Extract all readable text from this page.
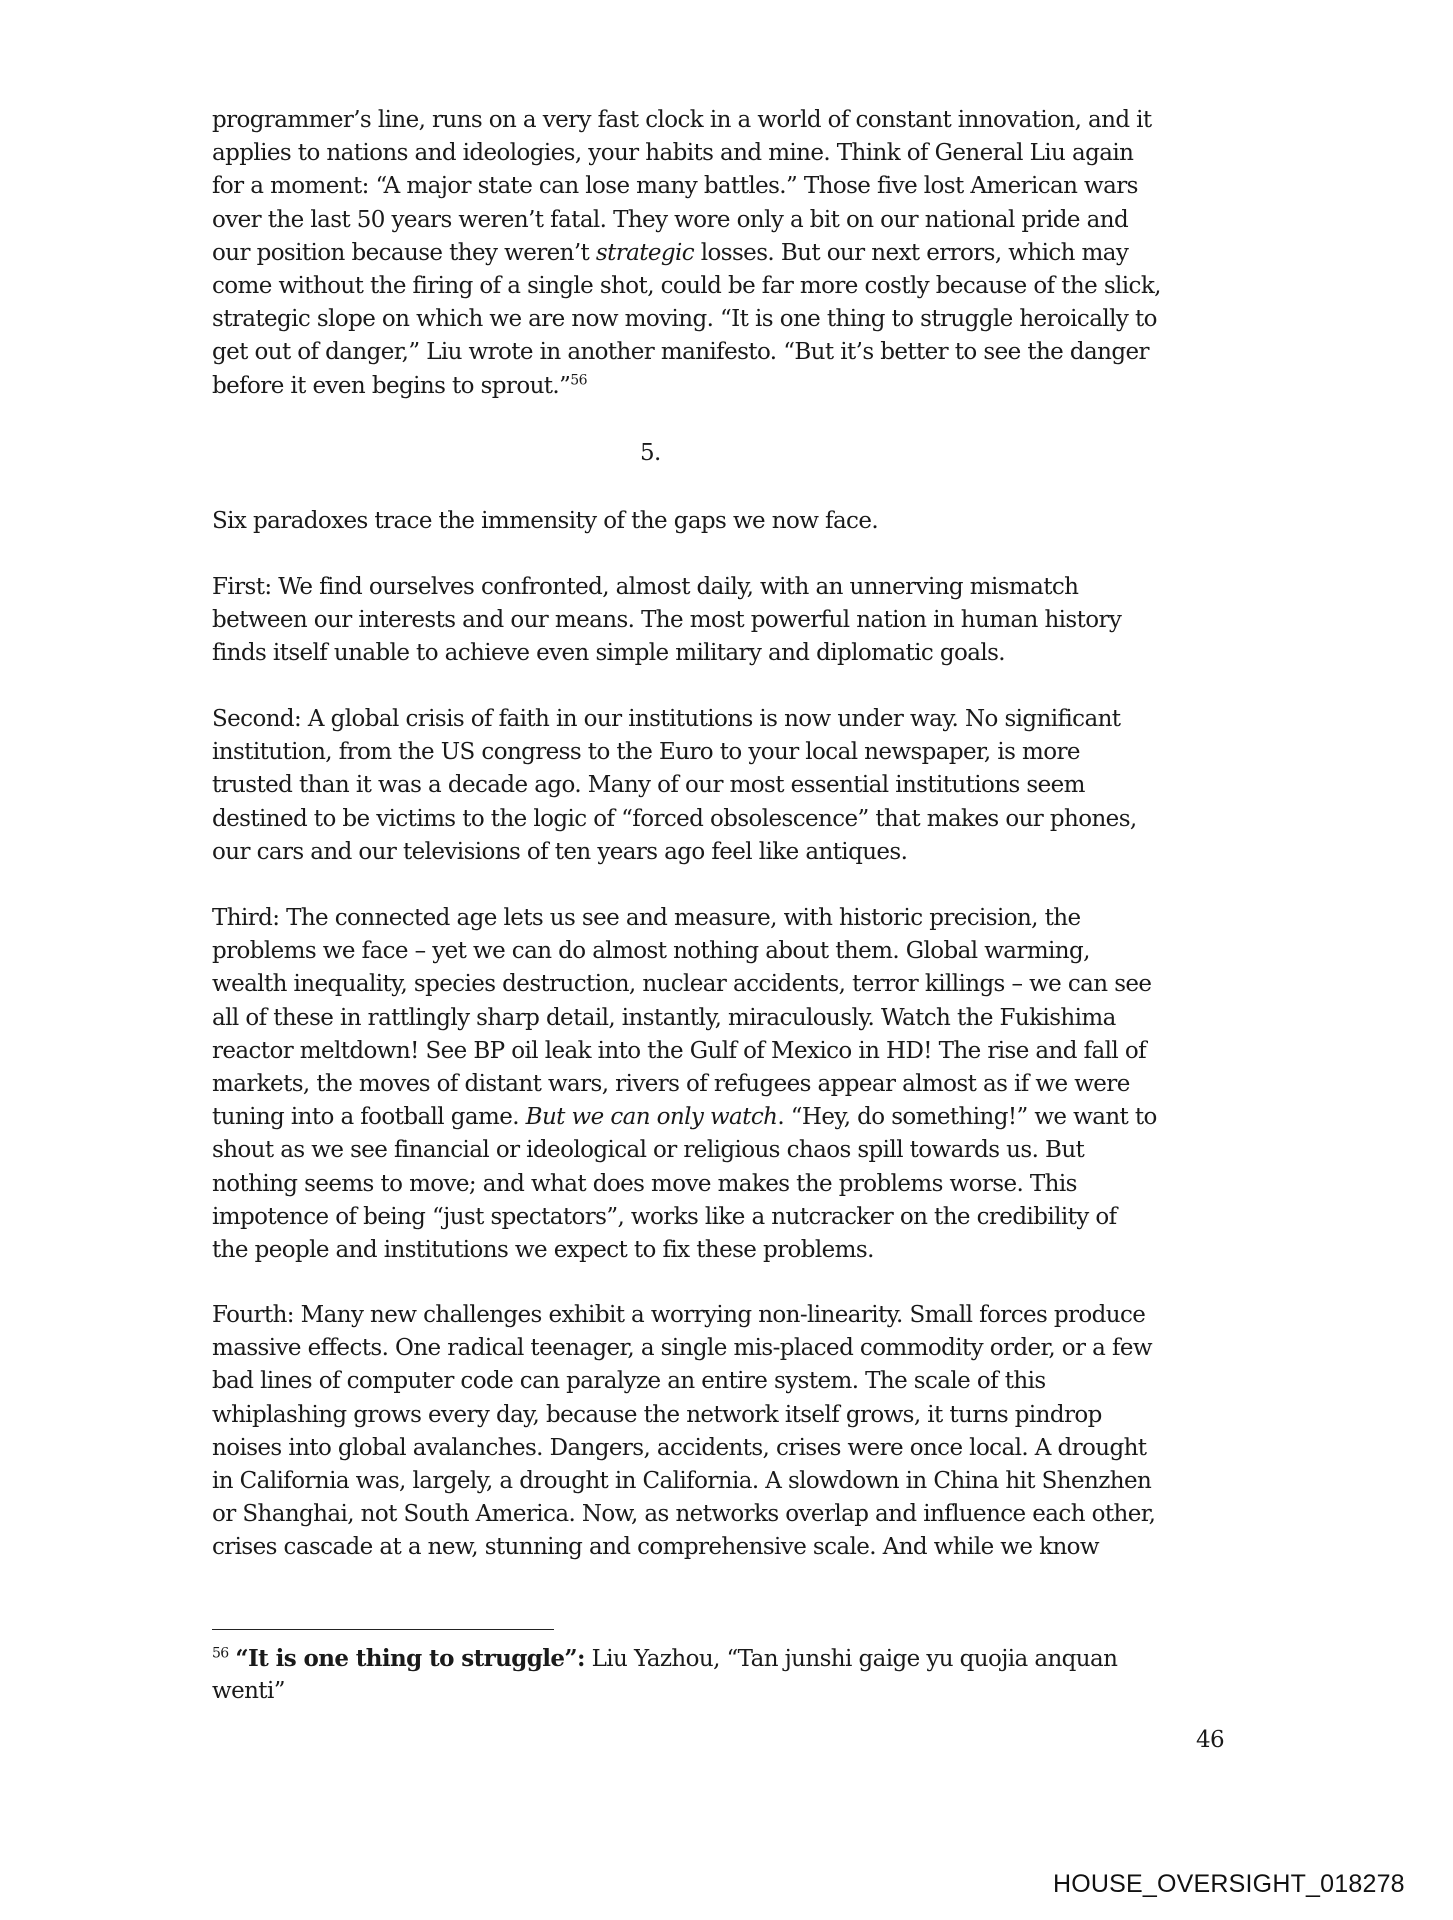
programmer’s line, runs on a very fast clock in a world of constant innovation, and it
applies to nations and ideologies, your habits and mine. Think of General Liu again
for a moment: “A major state can lose many battles.” Those five lost American wars
over the last 50 years weren’t fatal. They wore only a bit on our national pride and
our position because they weren’t strategic losses. But our next errors, which may
come without the firing of a single shot, could be far more costly because of the slick,
strategic slope on which we are now moving. “It is one thing to struggle heroically to
get out of danger,” Liu wrote in another manifesto. “But it’s better to see the danger
before it even begins to sprout.”$^{56}$
5.
Six paradoxes trace the immensity of the gaps we now face.
First: We find ourselves confronted, almost daily, with an unnerving mismatch
between our interests and our means. The most powerful nation in human history
finds itself unable to achieve even simple military and diplomatic goals.
Second: A global crisis of faith in our institutions is now under way. No significant
institution, from the US congress to the Euro to your local newspaper, is more
trusted than it was a decade ago. Many of our most essential institutions seem
destined to be victims to the logic of “forced obsolescence” that makes our phones,
our cars and our televisions of ten years ago feel like antiques.
Third: The connected age lets us see and measure, with historic precision, the
problems we face – yet we can do almost nothing about them. Global warming,
wealth inequality, species destruction, nuclear accidents, terror killings – we can see
all of these in rattlingly sharp detail, instantly, miraculously. Watch the Fukishima
reactor meltdown! See BP oil leak into the Gulf of Mexico in HD! The rise and fall of
markets, the moves of distant wars, rivers of refugees appear almost as if we were
tuning into a football game. But we can only watch. “Hey, do something!” we want to
shout as we see financial or ideological or religious chaos spill towards us. But
nothing seems to move; and what does move makes the problems worse. This
impotence of being “just spectators”, works like a nutcracker on the credibility of
the people and institutions we expect to fix these problems.
Fourth: Many new challenges exhibit a worrying non-linearity. Small forces produce
massive effects. One radical teenager, a single mis-placed commodity order, or a few
bad lines of computer code can paralyze an entire system. The scale of this
whiplashing grows every day, because the network itself grows, it turns pindrop
noises into global avalanches. Dangers, accidents, crises were once local. A drought
in California was, largely, a drought in California. A slowdown in China hit Shenzhen
or Shanghai, not South America. Now, as networks overlap and influence each other,
crises cascade at a new, stunning and comprehensive scale. And while we know
$^{56}$ “It is one thing to struggle”: Liu Yazhou, “Tan junshi gaige yu quojia anquan
wenti”
46
HOUSE_OVERSIGHT_018278
